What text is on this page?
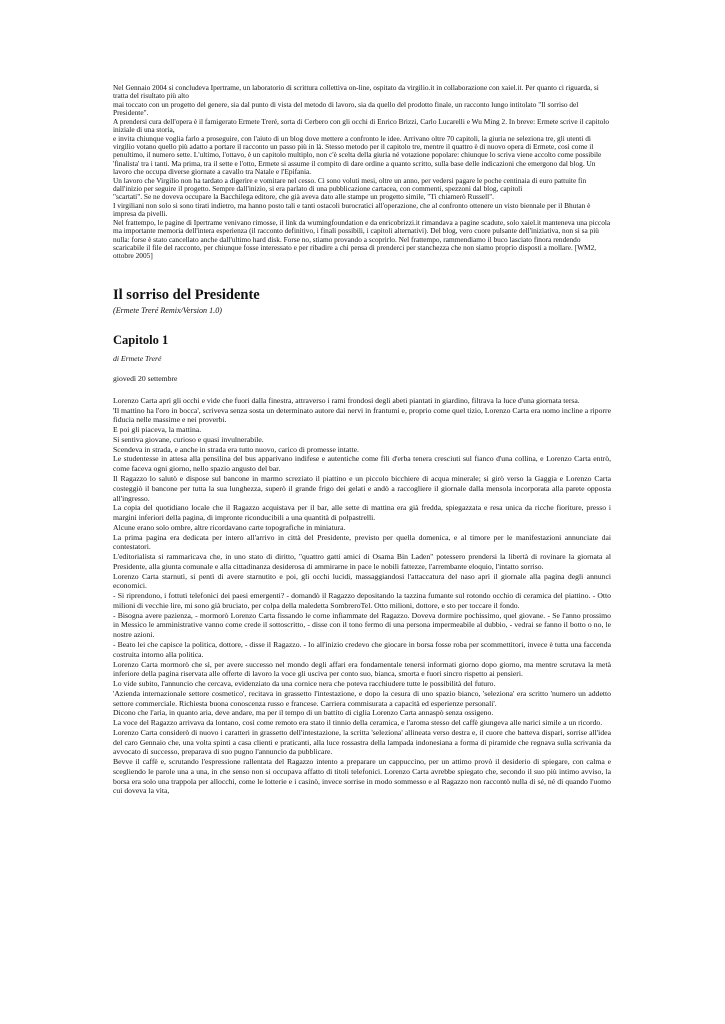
Nel Gennaio 2004 si concludeva Ipertrame, un laboratorio di scrittura collettiva on-line, ospitato da virgilio.it in collaborazione con xaiel.it. Per quanto ci riguarda, si tratta del risultato più alto

mai toccato con un progetto del genere, sia dal punto di vista del metodo di lavoro, sia da quello del prodotto finale, un racconto lungo intitolato "Il sorriso del Presidente".

A prendersi cura dell'opera è il famigerato Ermete Treré, sorta di Cerbero con gli occhi di Enrico Brizzi, Carlo Lucarelli e Wu Ming 2. In breve: Ermete scrive il capitolo iniziale di una storia,

e invita chiunque voglia farlo a proseguire, con l'aiuto di un blog dove mettere a confronto le idee. Arrivano oltre 70 capitoli, la giuria ne seleziona tre, gli utenti di virgilio votano quello più adatto a portare il racconto un passo più in là. Stesso metodo per il capitolo tre, mentre il quattro è di nuovo opera di Ermete, così come il penultimo, il numero sette. L'ultimo, l'ottavo, è un capitolo multiplo, non c'è scelta della giuria né votazione popolare: chiunque lo scriva viene accolto come possibile 'finalista' tra i tanti. Ma prima, tra il sette e l'otto, Ermete si assume il compito di dare ordine a quanto scritto, sulla base delle indicazioni che emergono dal blog. Un lavoro che occupa diverse giornate a cavallo tra Natale e l'Epifania.

Un lavoro che Virgilio non ha tardato a digerire e vomitare nel cesso. Ci sono voluti mesi, oltre un anno, per vedersi pagare le poche centinaia di euro pattuite fin dall'inizio per seguire il progetto. Sempre dall'inizio, si era parlato di una pubblicazione cartacea, con commenti, spezzoni dal blog, capitoli

"scartati". Se ne doveva occupare la Bacchilega editore, che già aveva dato alle stampe un progetto simile, "Ti chiamerò Russell".

I virgiliani non solo si sono tirati indietro, ma hanno posto tali e tanti ostacoli burocratici all'operazione, che al confronto ottenere un visto biennale per il Bhutan è impresa da pivelli.

Nel frattempo, le pagine di Ipertrame venivano rimosse, il link da wumingfoundation e da enricobrizzi.it rimandava a pagine scadute, solo xaiel.it manteneva una piccola ma importante memoria dell'intera esperienza (il racconto definitivo, i finali possibili, i capitoli alternativi). Del blog, vero cuore pulsante dell'iniziativa, non si sa più nulla: forse è stato cancellato anche dall'ultimo hard disk. Forse no, stiamo provando a scoprirlo. Nel frattempo, rammendiamo il buco lasciato finora rendendo scaricabile il file del racconto, per chiunque fosse interessato e per ribadire a chi pensa di prenderci per stanchezza che non siamo proprio disposti a mollare. [WM2, ottobre 2005]

Il sorriso del Presidente
(Ermete Treré Remix/Version 1.0)
Capitolo 1
di Ermete Treré
giovedì 20 settembre

Lorenzo Carta aprì gli occhi e vide che fuori dalla finestra, attraverso i rami frondosi degli abeti piantati in giardino, filtrava la luce d'una giornata tersa.

'Il mattino ha l'oro in bocca', scriveva senza sosta un determinato autore dai nervi in frantumi e, proprio come quel tizio, Lorenzo Carta era uomo incline a riporre fiducia nelle massime e nei proverbi.

E poi gli piaceva, la mattina.

Si sentiva giovane, curioso e quasi invulnerabile.

Scendeva in strada, e anche in strada era tutto nuovo, carico di promesse intatte.

Le studentesse in attesa alla pensilina del bus apparivano indifese e autentiche come fili d'erba tenera cresciuti sul fianco d'una collina, e Lorenzo Carta entrò, come faceva ogni giorno, nello spazio angusto del bar.

Il Ragazzo lo salutò e dispose sul bancone in marmo screziato il piattino e un piccolo bicchiere di acqua minerale; si girò verso la Gaggia e Lorenzo Carta costeggiò il bancone per tutta la sua lunghezza, superò il grande frigo dei gelati e andò a raccogliere il giornale dalla mensola incorporata alla parete opposta all'ingresso.

La copia del quotidiano locale che il Ragazzo acquistava per il bar, alle sette di mattina era già fredda, spiegazzata e resa unica da ricche fioriture, presso i margini inferiori della pagina, di impronte riconducibili a una quantità di polpastrelli.

Alcune erano solo ombre, altre ricordavano carte topografiche in miniatura.

La prima pagina era dedicata per intero all'arrivo in città del Presidente, previsto per quella domenica, e al timore per le manifestazioni annunciate dai contestatori.

L'editorialista si rammaricava che, in uno stato di diritto, "quattro gatti amici di Osama Bin Laden" potessero prendersi la libertà di rovinare la giornata al Presidente, alla giunta comunale e alla cittadinanza desiderosa di ammirarne in pace le nobili fattezze, l'arrembante eloquio, l'intatto sorriso.

Lorenzo Carta starnutì, si pentì di avere starnutito e poi, gli occhi lucidi, massaggiandosi l'attaccatura del naso aprì il giornale alla pagina degli annunci economici.

- Si riprendono, i fottuti telefonici dei paesi emergenti? - domandò il Ragazzo depositando la tazzina fumante sul rotondo occhio di ceramica del piattino. - Otto milioni di vecchie lire, mi sono già bruciato, per colpa della maledetta SombreroTel. Otto milioni, dottore, e sto per toccare il fondo.

- Bisogna avere pazienza, - mormorò Lorenzo Carta fissando le corne infiammate del Ragazzo. Doveva dormire pochissimo, quel giovane. - Se l'anno prossimo in Messico le amministrative vanno come crede il sottoscritto, - disse con il tono fermo di una persona impermeabile al dubbio, - vedrai se fanno il botto o no, le nostre azioni.

- Beato lei che capisce la politica, dottore, - disse il Ragazzo. - Io all'inizio credevo che giocare in borsa fosse roba per scommettitori, invece è tutta una faccenda costruita intorno alla politica.

Lorenzo Carta mormorò che sì, per avere successo nel mondo degli affari era fondamentale tenersi informati giorno dopo giorno, ma mentre scrutava la metà inferiore della pagina riservata alle offerte di lavoro la voce gli usciva per conto suo, bianca, smorta e fuori sincro rispetto ai pensieri.

Lo vide subito, l'annuncio che cercava, evidenziato da una cornice nera che poteva racchiudere tutte le possibilità del futuro.

'Azienda internazionale settore cosmetico', recitava in grassetto l'intestazione, e dopo la cesura di uno spazio bianco, 'seleziona' era scritto 'numero un addetto settore commerciale. Richiesta buona conoscenza russo e francese. Carriera commisurata a capacità ed esperienze personali'.

Dicono che l'aria, in quanto aria, deve andare, ma per il tempo di un battito di ciglia Lorenzo Carta annaspò senza ossigeno.

La voce del Ragazzo arrivava da lontano, così come remoto era stato il tinnio della ceramica, e l'aroma stesso del caffè giungeva alle narici simile a un ricordo.

Lorenzo Carta considerò di nuovo i caratteri in grassetto dell'intestazione, la scritta 'seleziona' allineata verso destra e, il cuore che batteva dispari, sorrise all'idea del caro Gennaio che, una volta spinti a casa clienti e praticanti, alla luce rossastra della lampada indonesiana a forma di piramide che regnava sulla scrivania da avvocato di successo, preparava di suo pugno l'annuncio da pubblicare.

Bevve il caffè e, scrutando l'espressione rallentata del Ragazzo intento a preparare un cappuccino, per un attimo provò il desiderio di spiegare, con calma e scegliendo le parole una a una, in che senso non si occupava affatto di titoli telefonici. Lorenzo Carta avrebbe spiegato che, secondo il suo più intimo avviso, la borsa era solo una trappola per allocchi, come le lotterie e i casinò, invece sorrise in modo sommesso e al Ragazzo non raccontò nulla di sé, né di quando l'uomo cui doveva la vita,
